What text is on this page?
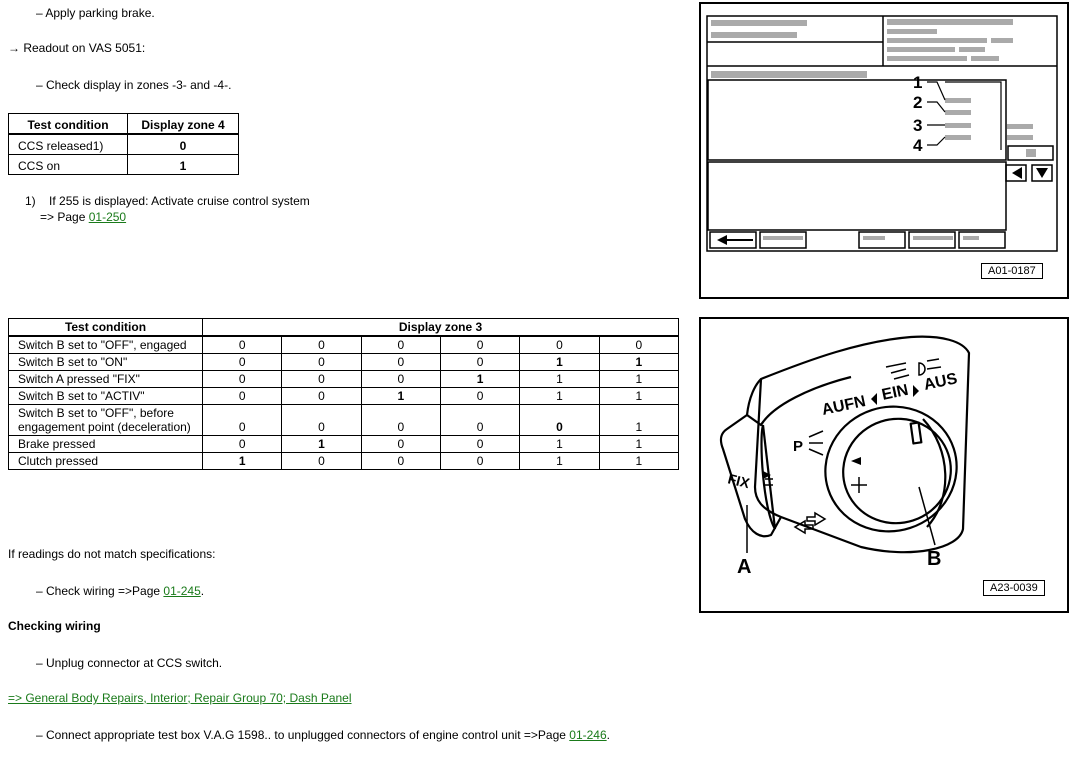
– Apply parking brake.
→ Readout on VAS 5051:
– Check display in zones -3- and -4-.
Test condition	Display zone 4
CCS released1)	0
CCS on	1
1) If 255 is displayed: Activate cruise control system
=> Page 01-250
Test condition	Display zone 3					
Switch B set to "OFF", engaged	0	0	0	0	0	0
Switch B set to "ON"	0	0	0	0	1	1
Switch A pressed "FIX"	0	0	0	1	1	1
Switch B set to "ACTIV"	0	0	1	0	1	1
Switch B set to "OFF", before engagement point (deceleration)	0	0	0	0	0	1
Brake pressed	0	1	0	0	1	1
Clutch pressed	1	0	0	0	1	1
If readings do not match specifications:
– Check wiring =>Page 01-245.
Checking wiring
– Unplug connector at CCS switch.
=> General Body Repairs, Interior; Repair Group 70; Dash Panel
– Connect appropriate test box V.A.G 1598.. to unplugged connectors of engine control unit =>Page 01-246.
1
2
3
4
A01-0187
AUFN
EIN AUS
FIX
P
A	B
A23-0039
